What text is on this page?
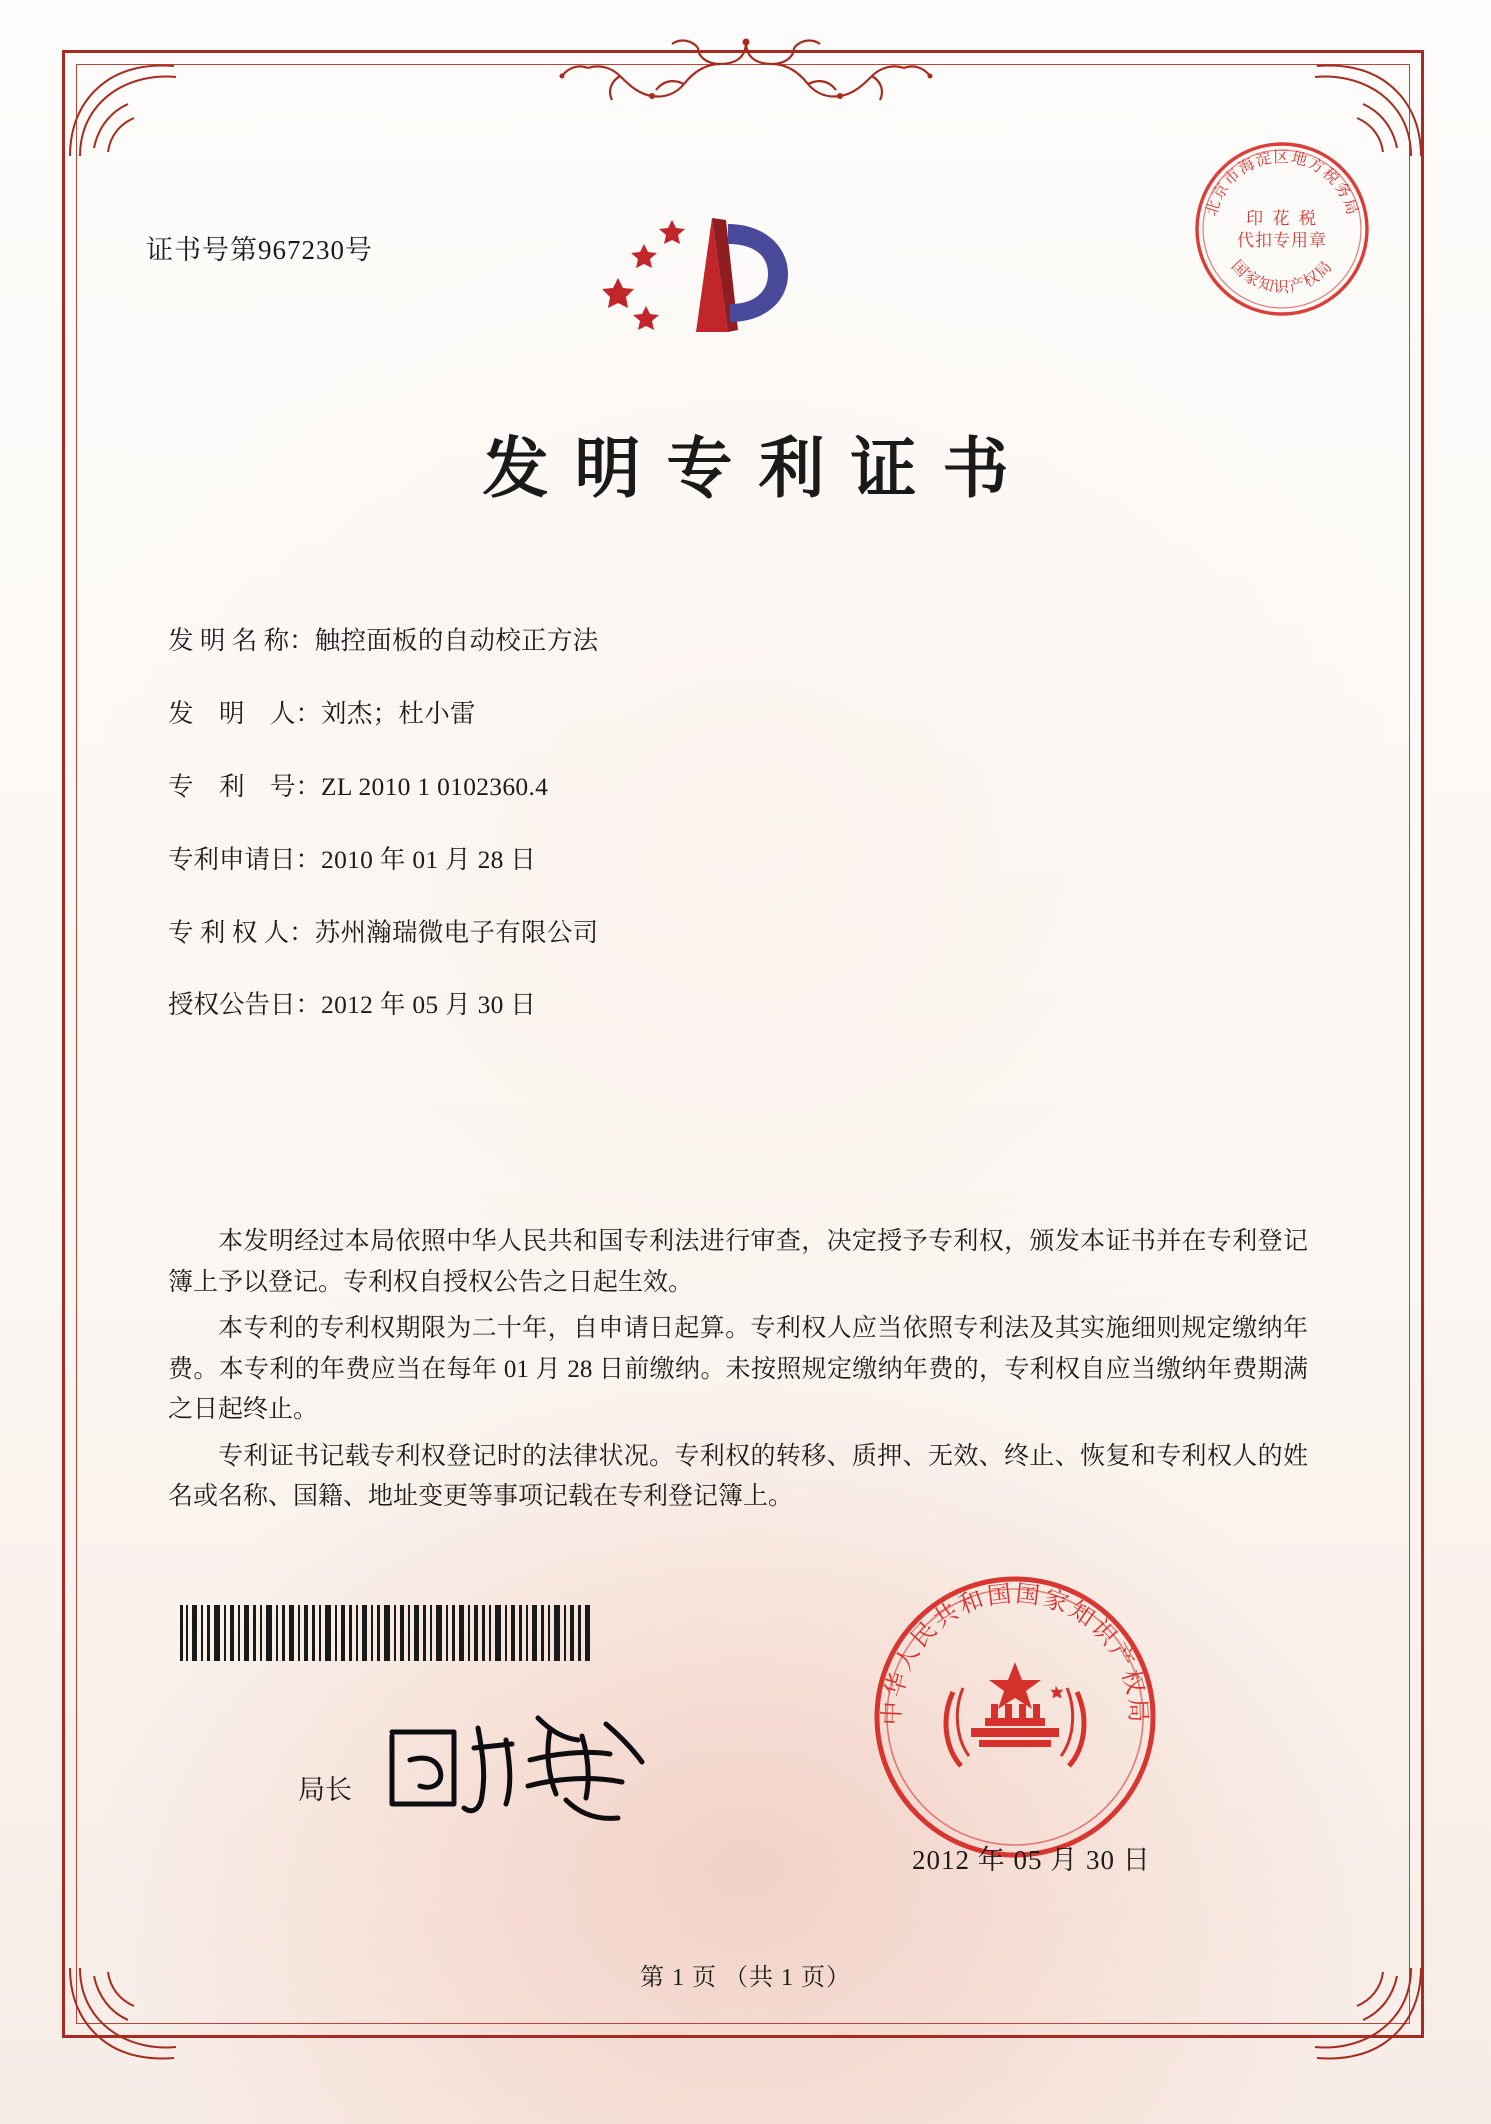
证书号第967230号
北京市海淀区地方税务局
国家知识产权局
印 花 税
代扣专用章
发明专利证书
发 明 名 称： 触控面板的自动校正方法
发    明    人： 刘杰；杜小雷
专    利    号： ZL 2010 1 0102360.4
专利申请日： 2010 年 01 月 28 日
专 利 权 人： 苏州瀚瑞微电子有限公司
授权公告日： 2012 年 05 月 30 日

本发明经过本局依照中华人民共和国专利法进行审查，决定授予专利权，颁发本证书并在专利登记簿上予以登记。专利权自授权公告之日起生效。

本专利的专利权期限为二十年，自申请日起算。专利权人应当依照专利法及其实施细则规定缴纳年费。本专利的年费应当在每年 01 月 28 日前缴纳。未按照规定缴纳年费的，专利权自应当缴纳年费期满之日起终止。

专利证书记载专利权登记时的法律状况。专利权的转移、质押、无效、终止、恢复和专利权人的姓名或名称、国籍、地址变更等事项记载在专利登记簿上。

局长
中华人民共和国国家知识产权局
2012 年 05 月 30 日
第 1 页 （共 1 页）
